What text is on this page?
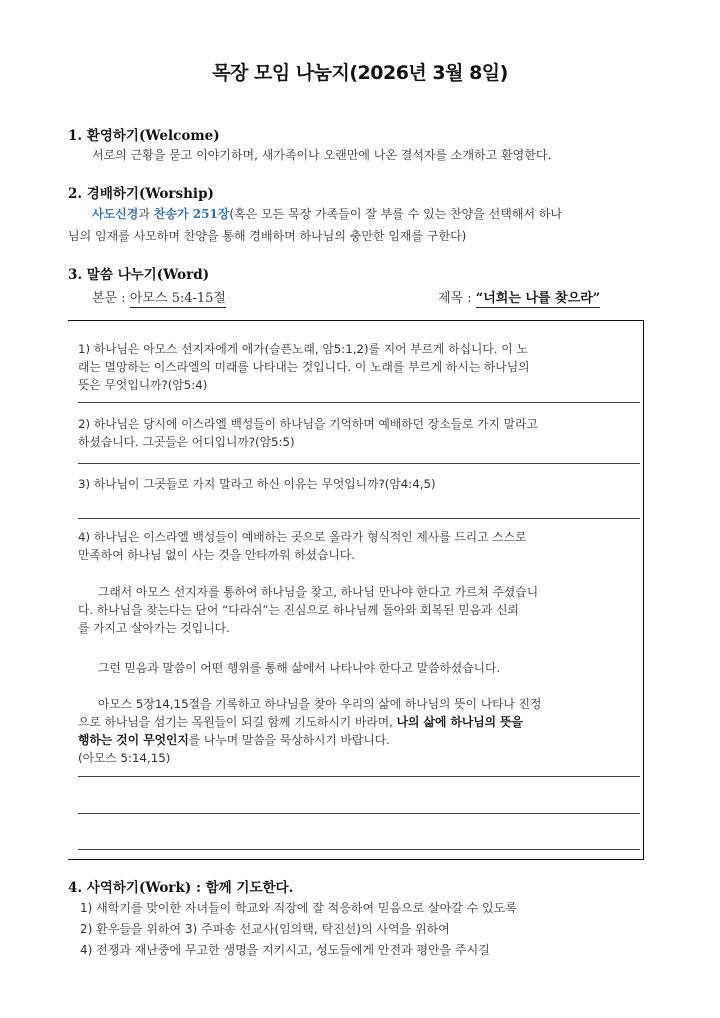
목장 모임 나눔지(2026년 3월 8일)
1. 환영하기(Welcome)
서로의 근황을 묻고 이야기하며, 새가족이나 오랜만에 나온 결석자를 소개하고 환영한다.
2. 경배하기(Worship)
사도신경과 찬송가 251장(혹은 모든 목장 가족들이 잘 부를 수 있는 찬양을 선택해서 하나
님의 임재를 사모하며 찬양을 통해 경배하며 하나님의 충만한 임재를 구한다)
3. 말씀 나누기(Word)
본문 : 아모스 5:4-15절	제목 : “너희는 나를 찾으라”
1) 하나님은 아모스 선지자에게 애가(슬픈노래, 암5:1,2)를 지어 부르게 하십니다. 이 노
래는 멸망하는 이스라엘의 미래를 나타내는 것입니다. 이 노래를 부르게 하시는 하나님의
뜻은 무엇입니까?(암5:4)
2) 하나님은 당시에 이스라엘 백성들이 하나님을 기억하며 예배하던 장소들로 가지 말라고
하셨습니다. 그곳들은 어디입니까?(암5:5)
3) 하나님이 그곳들로 가지 말라고 하신 이유는 무엇입니까?(암4:4,5)
4) 하나님은 이스라엘 백성들이 예배하는 곳으로 올라가 형식적인 제사를 드리고 스스로
만족하여 하나님 없이 사는 것을 안타까워 하셨습니다.
그래서 아모스 선지자를 통하여 하나님을 찾고, 하나님 만나야 한다고 가르쳐 주셨습니
다. 하나님을 찾는다는 단어 “다라쉬”는 진심으로 하나님께 돌아와 회복된 믿음과 신뢰
를 가지고 살아가는 것입니다.
그런 믿음과 말씀이 어떤 행위를 통해 삶에서 나타나야 한다고 말씀하셨습니다.
아모스 5장14,15절을 기록하고 하나님을 찾아 우리의 삶에 하나님의 뜻이 나타나 진정
으로 하나님을 섬기는 목원들이 되길 함께 기도하시기 바라며, 나의 삶에 하나님의 뜻을
행하는 것이 무엇인지를 나누며 말씀을 묵상하시기 바랍니다.
(아모스 5:14,15)
4. 사역하기(Work) : 함께 기도한다.
1) 새학기를 맞이한 자녀들이 학교와 직장에 잘 적응하여 믿음으로 살아갈 수 있도록
2) 환우들을 위하여 3) 주파송 선교사(임의택, 탁진선)의 사역을 위하여
4) 전쟁과 재난중에 무고한 생명을 지키시고, 성도들에게 안전과 평안을 주시길
